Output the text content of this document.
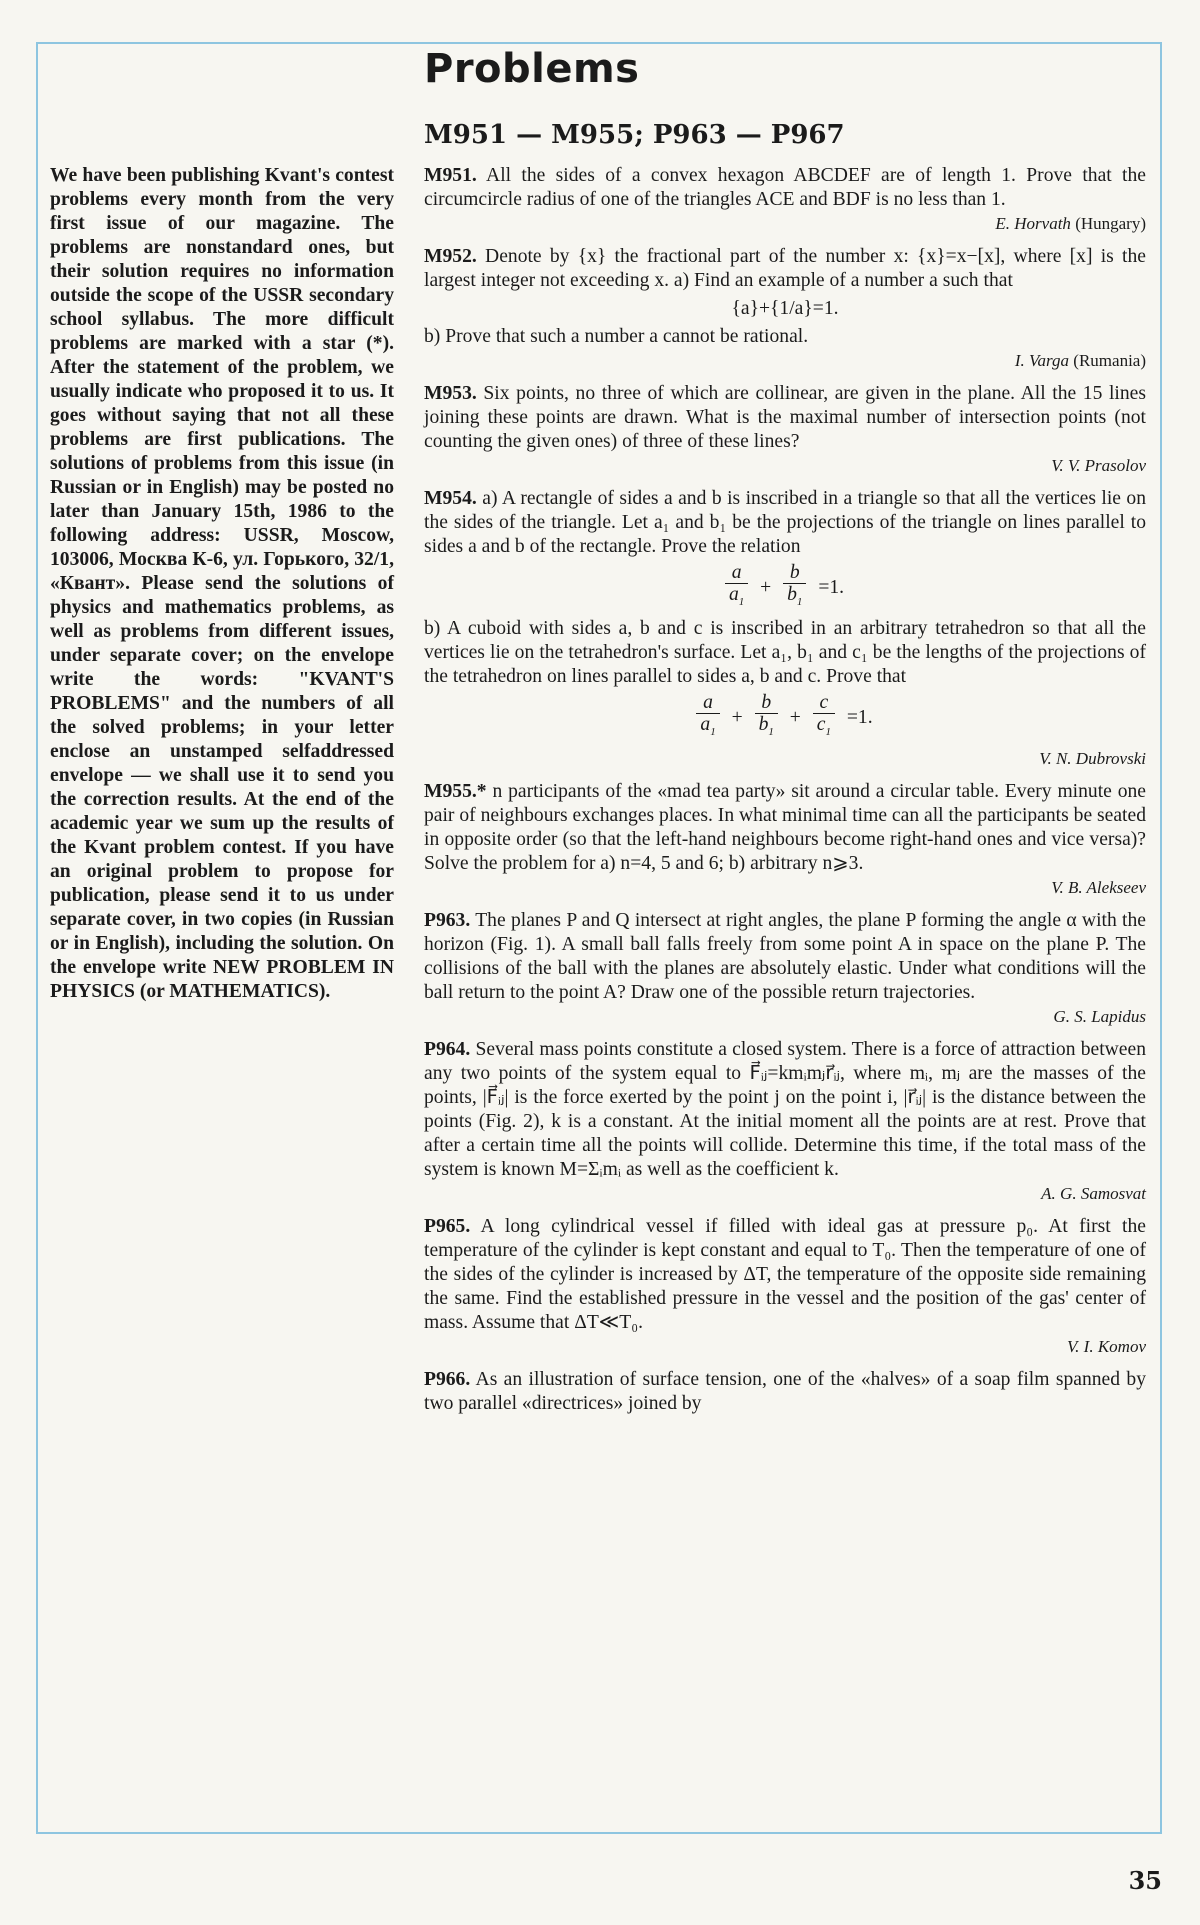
Problems
M951 — M955; P963 — P967
We have been publishing Kvant's contest problems every month from the very first issue of our magazine. The problems are nonstandard ones, but their solution requires no information outside the scope of the USSR secondary school syllabus. The more difficult problems are marked with a star (*). After the statement of the problem, we usually indicate who proposed it to us. It goes without saying that not all these problems are first publications. The solutions of problems from this issue (in Russian or in English) may be posted no later than January 15th, 1986 to the following address: USSR, Moscow, 103006, Москва К-6, ул. Горького, 32/1, «Квант». Please send the solutions of physics and mathematics problems, as well as problems from different issues, under separate cover; on the envelope write the words: "KVANT'S PROBLEMS" and the numbers of all the solved problems; in your letter enclose an unstamped selfaddressed envelope — we shall use it to send you the correction results. At the end of the academic year we sum up the results of the Kvant problem contest. If you have an original problem to propose for publication, please send it to us under separate cover, in two copies (in Russian or in English), including the solution. On the envelope write NEW PROBLEM IN PHYSICS (or MATHEMATICS).

M951. All the sides of a convex hexagon ABCDEF are of length 1. Prove that the circumcircle radius of one of the triangles ACE and BDF is no less than 1.

E. Horvath (Hungary)

M952. Denote by {x} the fractional part of the number x: {x}=x−[x], where [x] is the largest integer not exceeding x. a) Find an example of a number a such that

{a}+{1/a}=1.

b) Prove that such a number a cannot be rational.

I. Varga (Rumania)

M953. Six points, no three of which are collinear, are given in the plane. All the 15 lines joining these points are drawn. What is the maximal number of intersection points (not counting the given ones) of three of these lines?

V. V. Prasolov

M954. a) A rectangle of sides a and b is inscribed in a triangle so that all the vertices lie on the sides of the triangle. Let a₁ and b₁ be the projections of the triangle on lines parallel to sides a and b of the rectangle. Prove the relation

$\frac{a}{a_1} + \frac{b}{b_1} =1$.

b) A cuboid with sides a, b and c is inscribed in an arbitrary tetrahedron so that all the vertices lie on the tetrahedron's surface. Let a₁, b₁ and c₁ be the lengths of the projections of the tetrahedron on lines parallel to sides a, b and c. Prove that

$\frac{a}{a_1} + \frac{b}{b_1} + \frac{c}{c_1} =1$.
V. N. Dubrovski

M955.* n participants of the «mad tea party» sit around a circular table. Every minute one pair of neighbours exchanges places. In what minimal time can all the participants be seated in opposite order (so that the left-hand neighbours become right-hand ones and vice versa)? Solve the problem for a) n=4, 5 and 6; b) arbitrary n⩾3.

V. B. Alekseev

P963. The planes P and Q intersect at right angles, the plane P forming the angle α with the horizon (Fig. 1). A small ball falls freely from some point A in space on the plane P. The collisions of the ball with the planes are absolutely elastic. Under what conditions will the ball return to the point A? Draw one of the possible return trajectories.

G. S. Lapidus

P964. Several mass points constitute a closed system. There is a force of attraction between any two points of the system equal to F⃗ᵢⱼ=kmᵢmⱼr⃗ᵢⱼ, where mᵢ, mⱼ are the masses of the points, |F⃗ᵢⱼ| is the force exerted by the point j on the point i, |r⃗ᵢⱼ| is the distance between the points (Fig. 2), k is a constant. At the initial moment all the points are at rest. Prove that after a certain time all the points will collide. Determine this time, if the total mass of the system is known M=Σᵢmᵢ as well as the coefficient k.

A. G. Samosvat

P965. A long cylindrical vessel if filled with ideal gas at pressure p₀. At first the temperature of the cylinder is kept constant and equal to T₀. Then the temperature of one of the sides of the cylinder is increased by ΔT, the temperature of the opposite side remaining the same. Find the established pressure in the vessel and the position of the gas' center of mass. Assume that ΔT≪T₀.

V. I. Komov

P966. As an illustration of surface tension, one of the «halves» of a soap film spanned by two parallel «directrices» joined by

35
